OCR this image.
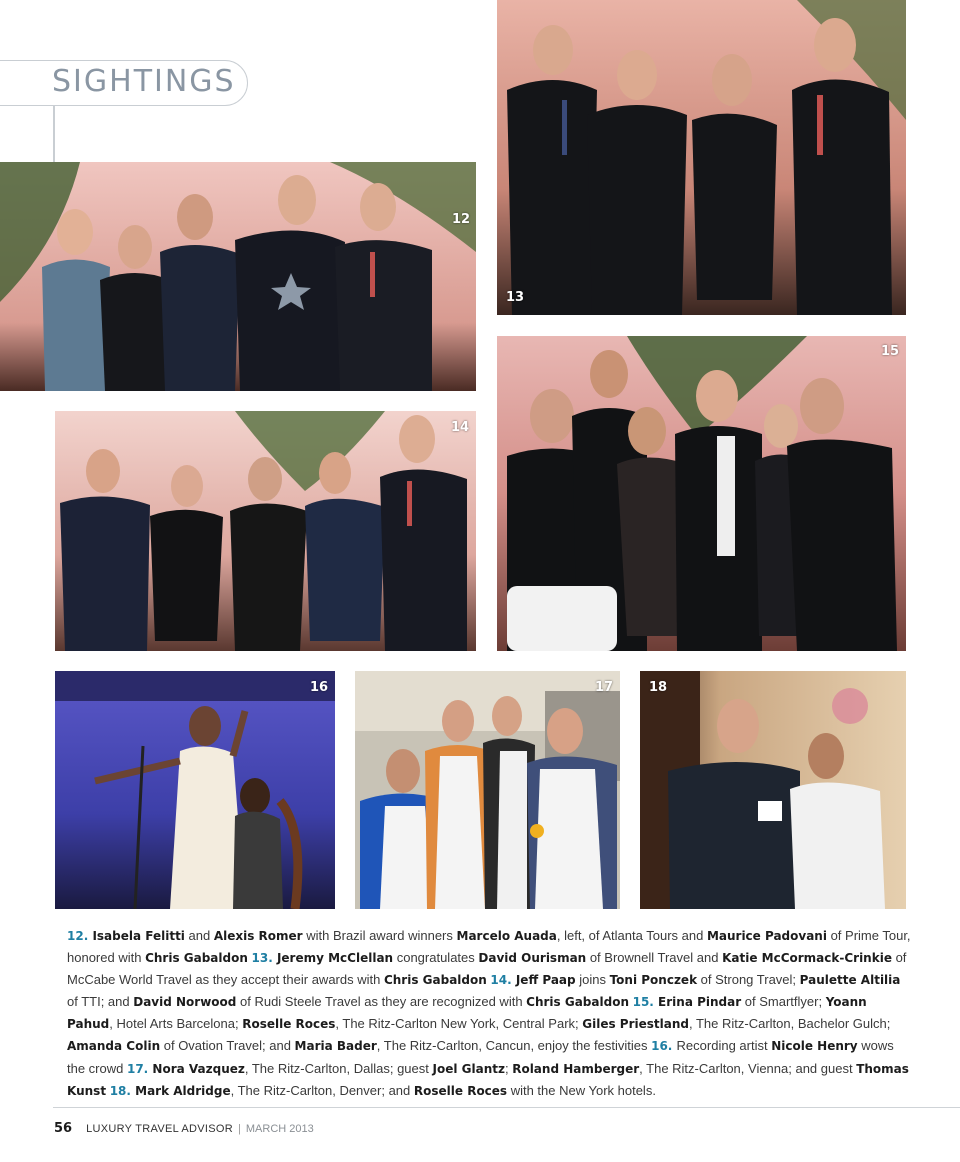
SIGHTINGS
13
12
15
14
16	17	18
12. Isabela Felitti and Alexis Romer with Brazil award winners Marcelo Auada, left, of Atlanta Tours and Maurice Padovani of Prime Tour, honored with Chris Gabaldon 13. Jeremy McClellan congratulates David Ourisman of Brownell Travel and Katie McCormack-Crinkie of McCabe World Travel as they accept their awards with Chris Gabaldon 14. Jeff Paap joins Toni Ponczek of Strong Travel; Paulette Altilia of TTI; and David Norwood of Rudi Steele Travel as they are recognized with Chris Gabaldon 15. Erina Pindar of Smartflyer; Yoann Pahud, Hotel Arts Barcelona; Roselle Roces, The Ritz-Carlton New York, Central Park; Giles Priestland, The Ritz-Carlton, Bachelor Gulch; Amanda Colin of Ovation Travel; and Maria Bader, The Ritz-Carlton, Cancun, enjoy the festivities 16. Recording artist Nicole Henry wows the crowd 17. Nora Vazquez, The Ritz-Carlton, Dallas; guest Joel Glantz; Roland Hamberger, The Ritz-Carlton, Vienna; and guest Thomas Kunst 18. Mark Aldridge, The Ritz-Carlton, Denver; and Roselle Roces with the New York hotels.
56 LUXURY TRAVEL ADVISOR | MARCH 2013
